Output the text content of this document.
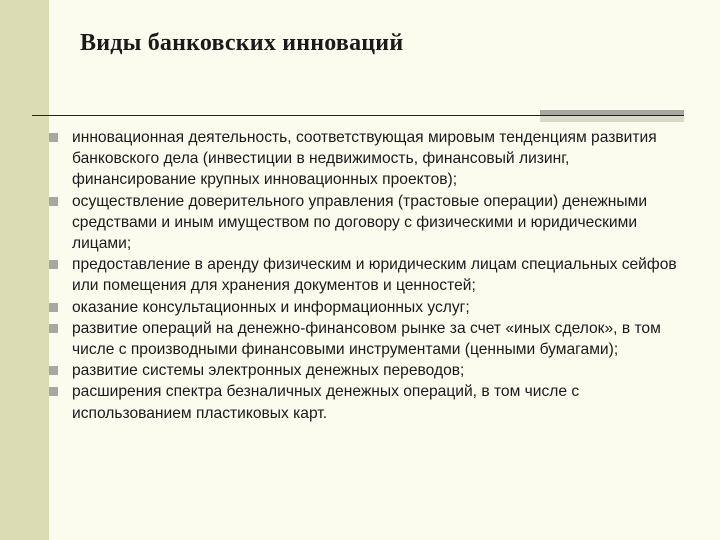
Виды банковских инноваций
инновационная деятельность, соответствующая мировым тенденциям развития банковского дела (инвестиции в недвижимость, финансовый лизинг, финансирование крупных инновационных проектов);
осуществление доверительного управления (трастовые операции) денежными средствами и иным имуществом по договору с физическими и юридическими лицами;
предоставление в аренду физическим и юридическим лицам специальных сейфов или помещения для хранения документов и ценностей;
оказание консультационных и информационных услуг;
развитие операций на денежно-финансовом рынке за счет «иных сделок», в том числе с производными финансовыми инструментами (ценными бумагами);
развитие системы электронных денежных переводов;
расширения спектра безналичных денежных операций, в том числе с использованием пластиковых карт.
